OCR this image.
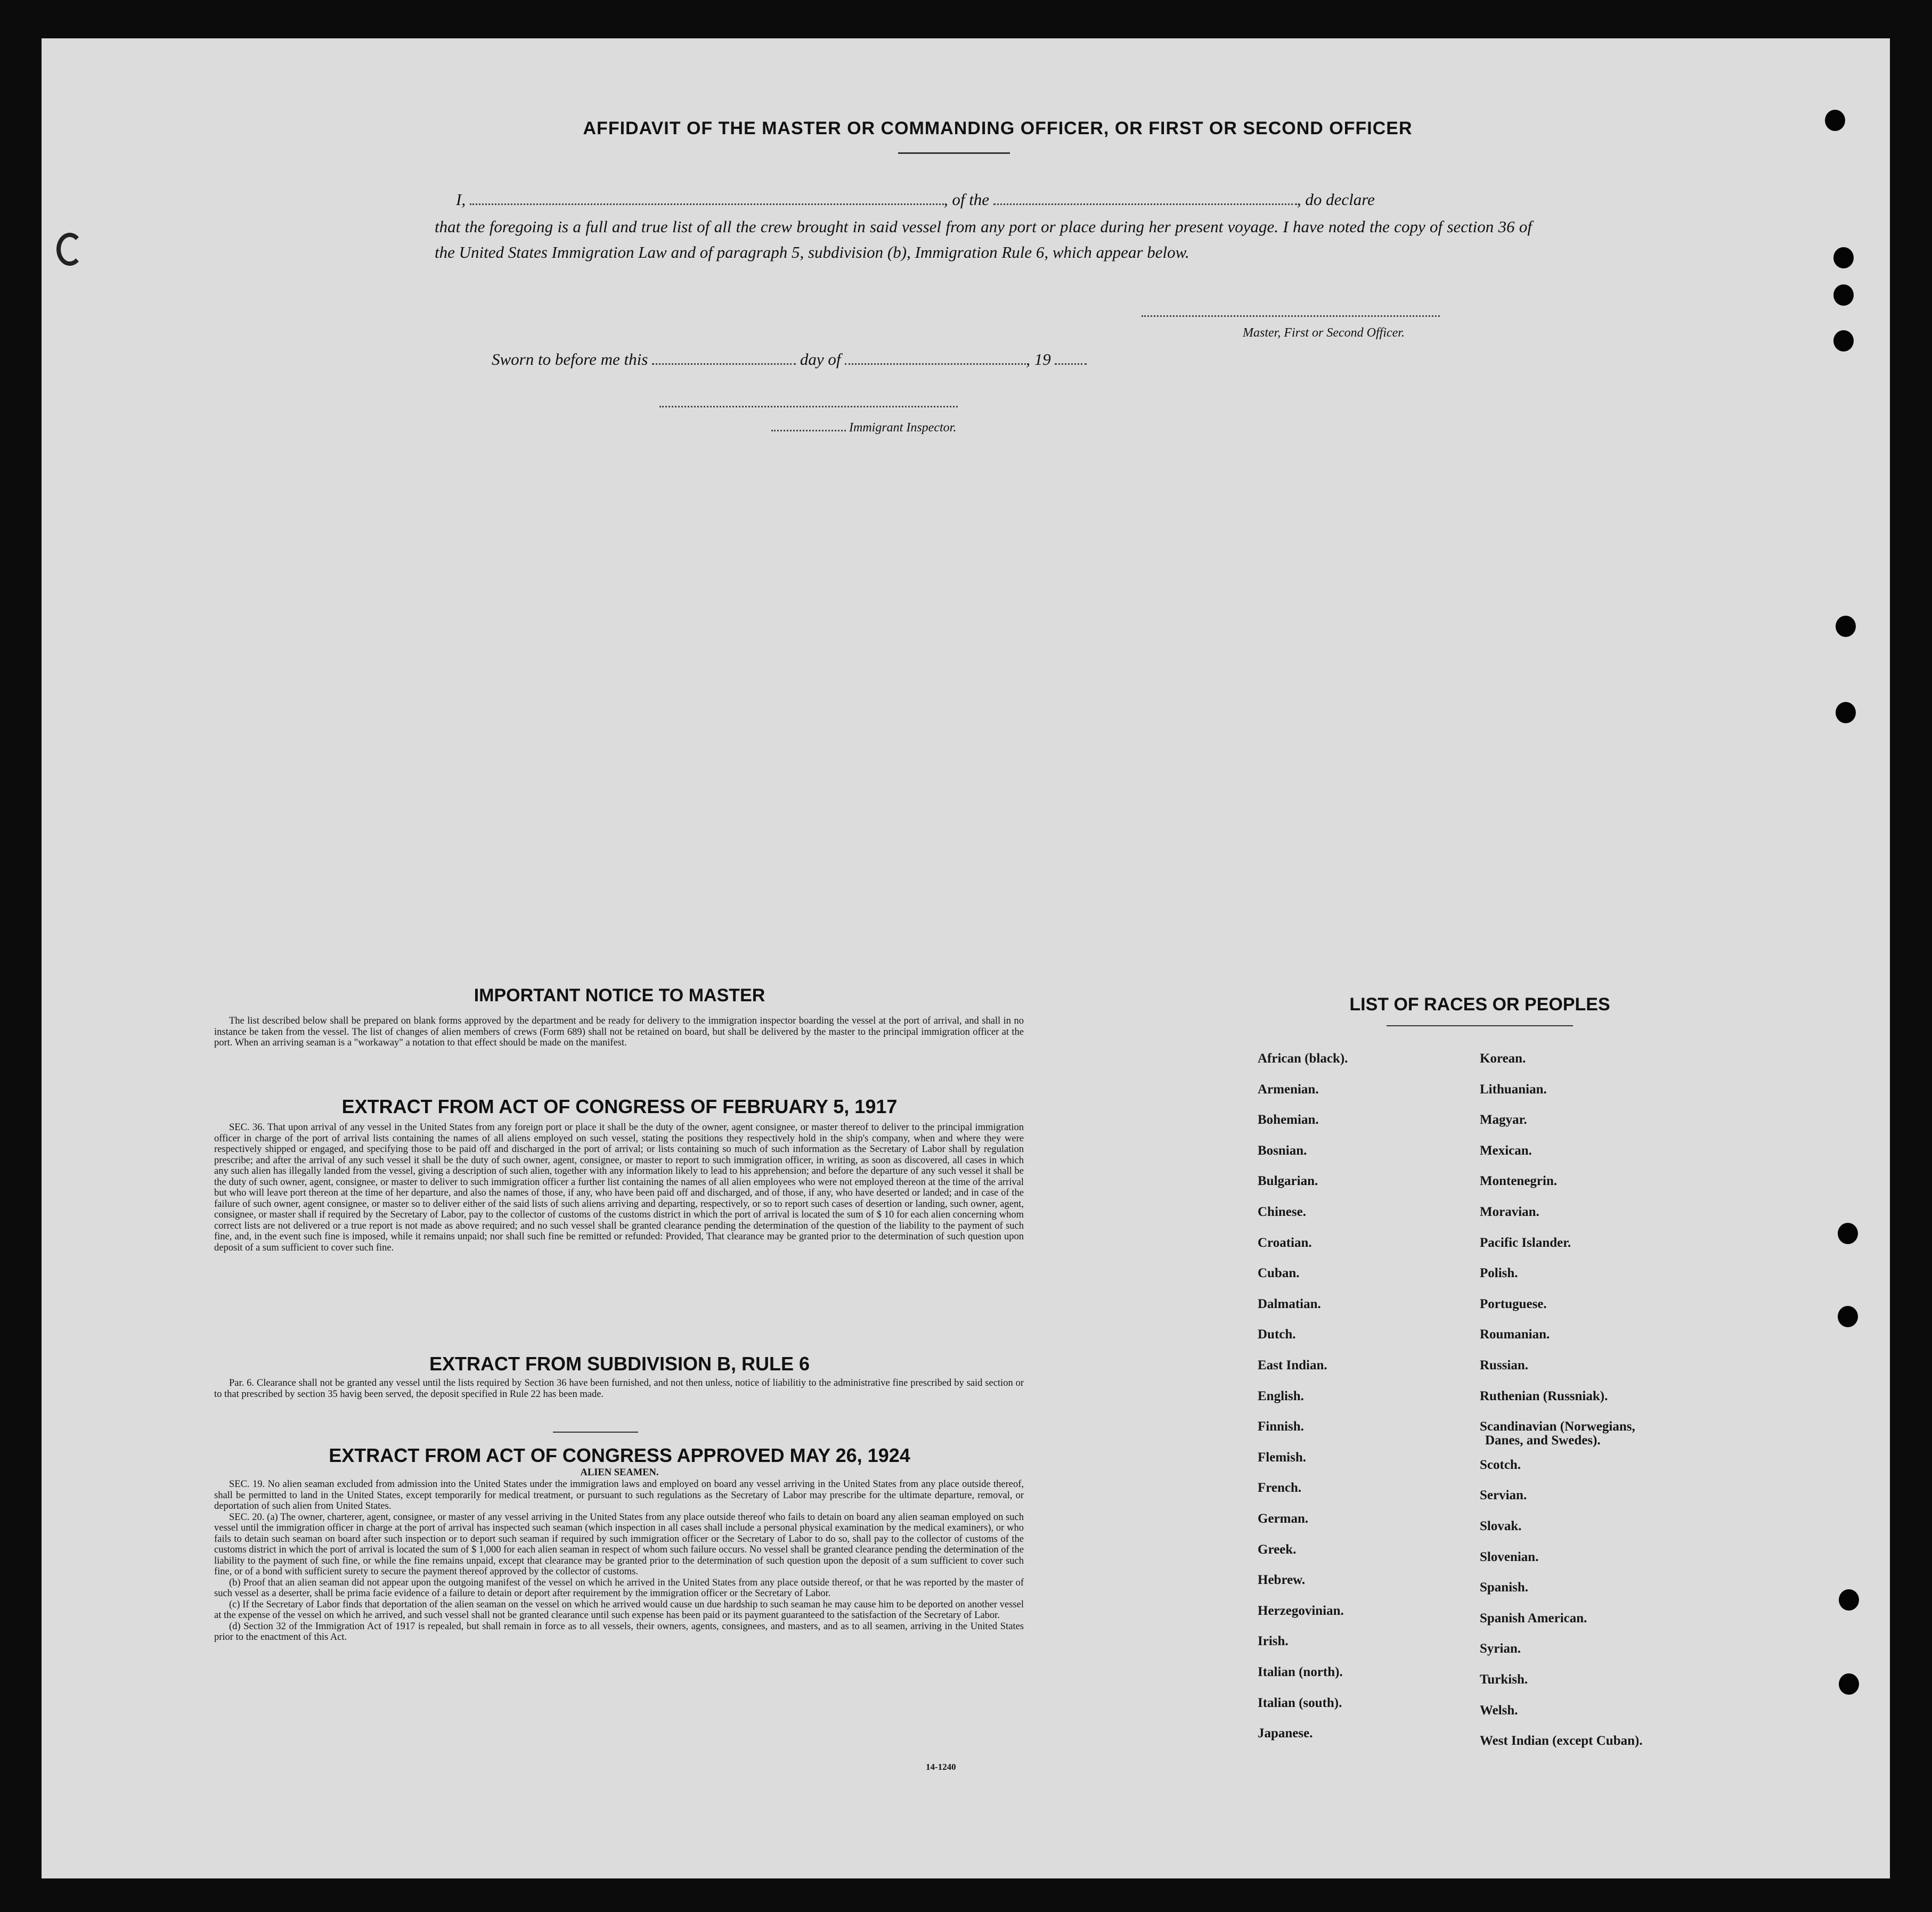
AFFIDAVIT OF THE MASTER OR COMMANDING OFFICER, OR FIRST OR SECOND OFFICER
I,	, of the	, do declare
that the foregoing is a full and true list of all the crew brought in said vessel from any port or place during her present voyage. I have noted the copy of section 36 of the United States Immigration Law and of paragraph 5, subdivision (b), Immigration Rule 6, which appear below.
Master, First or Second Officer.
Sworn to before me this	day of	, 19
Immigrant Inspector.
IMPORTANT NOTICE TO MASTER

The list described below shall be prepared on blank forms approved by the department and be ready for delivery to the immigration inspector boarding the vessel at the port of arrival, and shall in no instance be taken from the vessel. The list of changes of alien members of crews (Form 689) shall not be retained on board, but shall be delivered by the master to the principal immigration officer at the port. When an arriving seaman is a "workaway" a notation to that effect should be made on the manifest.

EXTRACT FROM ACT OF CONGRESS OF FEBRUARY 5, 1917

SEC. 36. That upon arrival of any vessel in the United States from any foreign port or place it shall be the duty of the owner, agent consignee, or master thereof to deliver to the principal immigration officer in charge of the port of arrival lists containing the names of all aliens employed on such vessel, stating the positions they respectively hold in the ship's company, when and where they were respectively shipped or engaged, and specifying those to be paid off and discharged in the port of arrival; or lists containing so much of such information as the Secretary of Labor shall by regulation prescribe; and after the arrival of any such vessel it shall be the duty of such owner, agent, consignee, or master to report to such immigration officer, in writing, as soon as discovered, all cases in which any such alien has illegally landed from the vessel, giving a description of such alien, together with any information likely to lead to his apprehension; and before the departure of any such vessel it shall be the duty of such owner, agent, consignee, or master to deliver to such immigration officer a further list containing the names of all alien employees who were not employed thereon at the time of the arrival but who will leave port thereon at the time of her departure, and also the names of those, if any, who have been paid off and discharged, and of those, if any, who have deserted or landed; and in case of the failure of such owner, agent consignee, or master so to deliver either of the said lists of such aliens arriving and departing, respectively, or so to report such cases of desertion or landing, such owner, agent, consignee, or master shall if required by the Secretary of Labor, pay to the collector of customs of the customs district in which the port of arrival is located the sum of $ 10 for each alien concerning whom correct lists are not delivered or a true report is not made as above required; and no such vessel shall be granted clearance pending the determination of the question of the liability to the payment of such fine, and, in the event such fine is imposed, while it remains unpaid; nor shall such fine be remitted or refunded: Provided, That clearance may be granted prior to the determination of such question upon deposit of a sum sufficient to cover such fine.

EXTRACT FROM SUBDIVISION B, RULE 6

Par. 6. Clearance shall not be granted any vessel until the lists required by Section 36 have been furnished, and not then unless, notice of liabilitiy to the administrative fine prescribed by said section or to that prescribed by section 35 havig been served, the deposit specified in Rule 22 has been made.

EXTRACT FROM ACT OF CONGRESS APPROVED MAY 26, 1924
ALIEN SEAMEN.

SEC. 19. No alien seaman excluded from admission into the United States under the immigration laws and employed on board any vessel arriving in the United States from any place outside thereof, shall be permitted to land in the United States, except temporarily for medical treatment, or pursuant to such regulations as the Secretary of Labor may prescribe for the ultimate departure, removal, or deportation of such alien from United States.

SEC. 20. (a) The owner, charterer, agent, consignee, or master of any vessel arriving in the United States from any place outside thereof who fails to detain on board any alien seaman employed on such vessel until the immigration officer in charge at the port of arrival has inspected such seaman (which inspection in all cases shall include a personal physical examination by the medical examiners), or who fails to detain such seaman on board after such inspection or to deport such seaman if required by such immigration officer or the Secretary of Labor to do so, shall pay to the collector of customs of the customs district in which the port of arrival is located the sum of $ 1,000 for each alien seaman in respect of whom such failure occurs. No vessel shall be granted clearance pending the determination of the liability to the payment of such fine, or while the fine remains unpaid, except that clearance may be granted prior to the determination of such question upon the deposit of a sum sufficient to cover such fine, or of a bond with sufficient surety to secure the payment thereof approved by the collector of customs.

(b) Proof that an alien seaman did not appear upon the outgoing manifest of the vessel on which he arrived in the United States from any place outside thereof, or that he was reported by the master of such vessel as a deserter, shall be prima facie evidence of a failure to detain or deport after requirement by the immigration officer or the Secretary of Labor.

(c) If the Secretary of Labor finds that deportation of the alien seaman on the vessel on which he arrived would cause un due hardship to such seaman he may cause him to be deported on another vessel at the expense of the vessel on which he arrived, and such vessel shall not be granted clearance until such expense has been paid or its payment guaranteed to the satisfaction of the Secretary of Labor.

(d) Section 32 of the Immigration Act of 1917 is repealed, but shall remain in force as to all vessels, their owners, agents, consignees, and masters, and as to all seamen, arriving in the United States prior to the enactment of this Act.

14-1240
LIST OF RACES OR PEOPLES
African (black).
Armenian.
Bohemian.
Bosnian.
Bulgarian.
Chinese.
Croatian.
Cuban.
Dalmatian.
Dutch.
East Indian.
English.
Finnish.
Flemish.
French.
German.
Greek.
Hebrew.
Herzegovinian.
Irish.
Italian (north).
Italian (south).
Japanese.
Korean.
Lithuanian.
Magyar.
Mexican.
Montenegrin.
Moravian.
Pacific Islander.
Polish.
Portuguese.
Roumanian.
Russian.
Ruthenian (Russniak).
Scandinavian (Norwegians,
Danes, and Swedes).
Scotch.
Servian.
Slovak.
Slovenian.
Spanish.
Spanish American.
Syrian.
Turkish.
Welsh.
West Indian (except Cuban).
